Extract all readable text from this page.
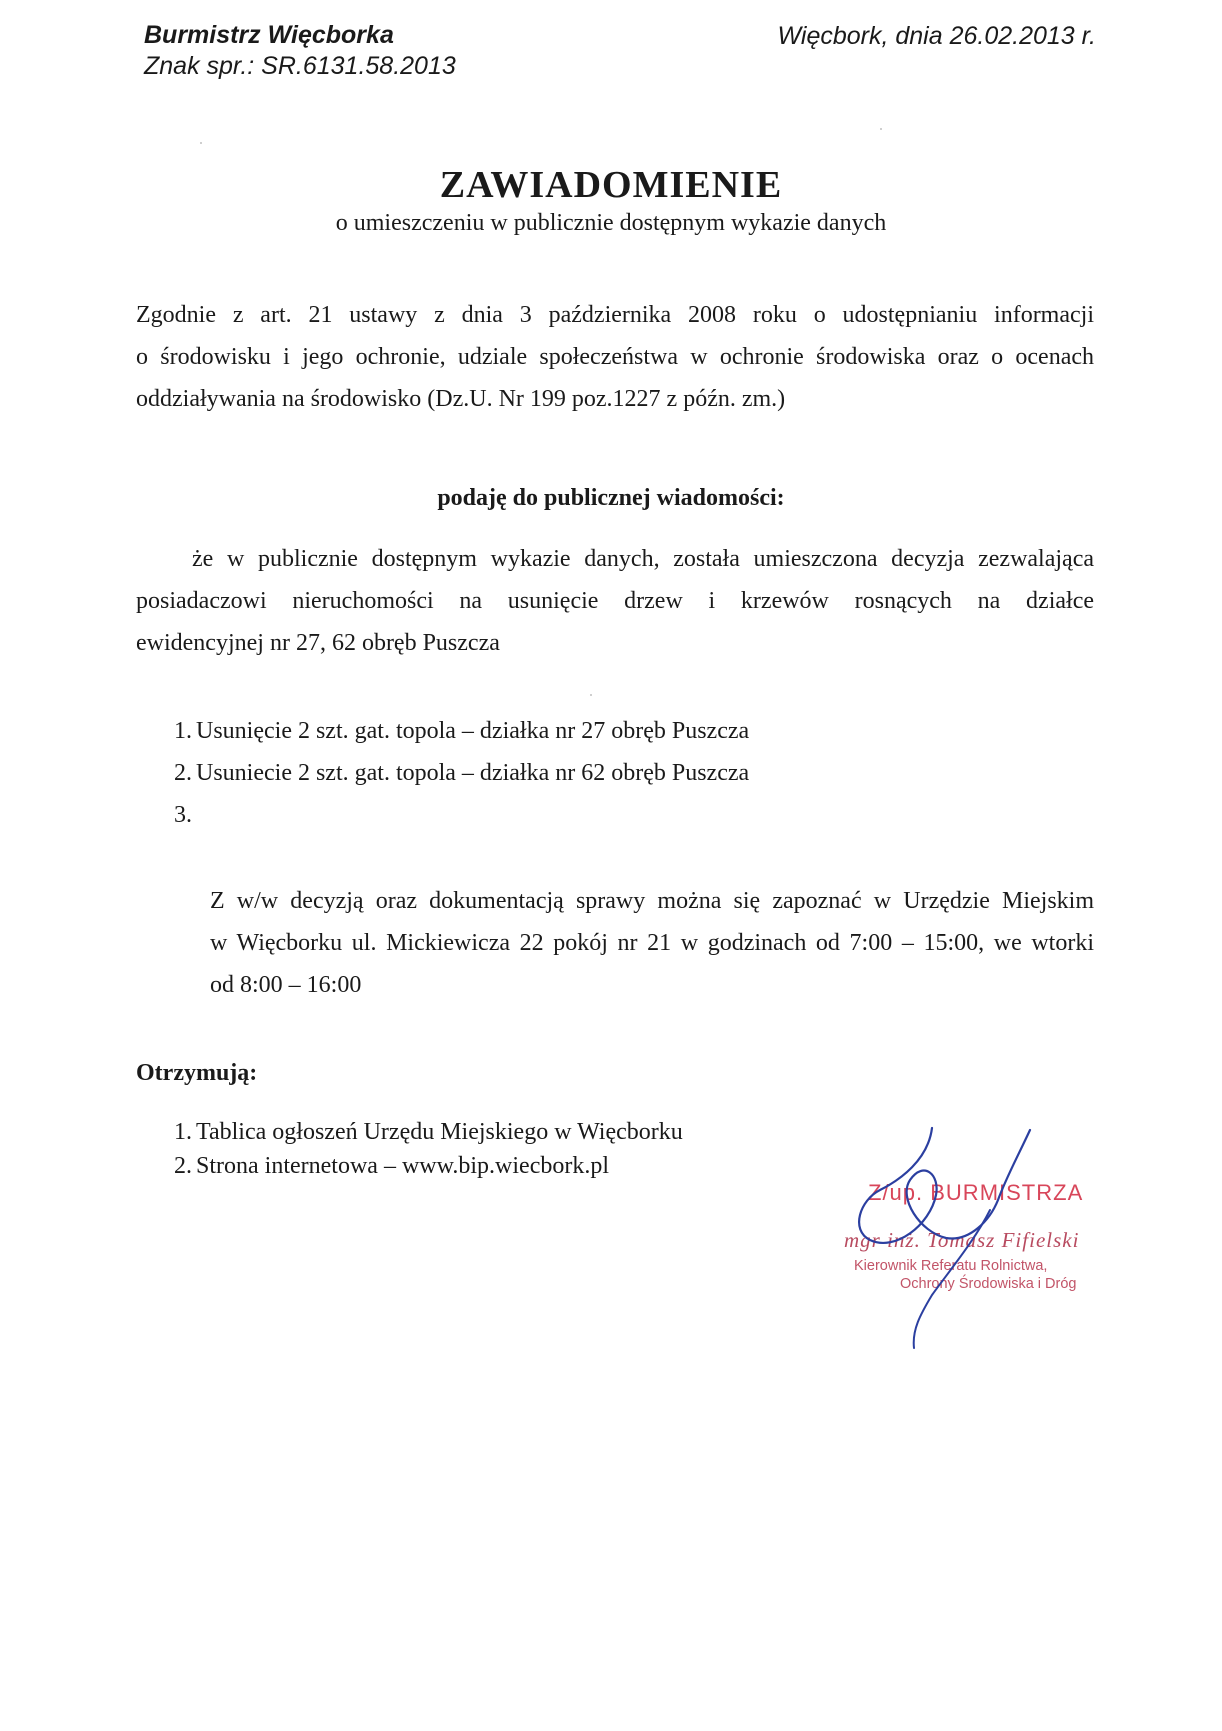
Burmistrz Więcborka
Znak spr.: SR.6131.58.2013
Więcbork, dnia 26.02.2013 r.
ZAWIADOMIENIE
o umieszczeniu w publicznie dostępnym wykazie danych
Zgodnie z art. 21 ustawy z dnia 3 października 2008 roku o udostępnianiu informacji
o środowisku i jego ochronie, udziale społeczeństwa w ochronie środowiska oraz o ocenach
oddziaływania na środowisko (Dz.U. Nr 199 poz.1227 z późn. zm.)
podaję do publicznej wiadomości:
że w publicznie dostępnym wykazie danych, została umieszczona decyzja zezwalająca
posiadaczowi nieruchomości na usunięcie drzew i krzewów rosnących na działce
ewidencyjnej nr 27, 62 obręb Puszcza
1. Usunięcie 2 szt. gat. topola – działka nr 27 obręb Puszcza
2. Usuniecie 2 szt. gat. topola – działka nr 62 obręb Puszcza
3.
Z w/w decyzją oraz dokumentacją sprawy można się zapoznać w Urzędzie Miejskim
w Więcborku ul. Mickiewicza 22 pokój nr 21 w godzinach od 7:00 – 15:00, we wtorki
od 8:00 – 16:00
Otrzymują:
1. Tablica ogłoszeń Urzędu Miejskiego w Więcborku
2. Strona internetowa – www.bip.wiecbork.pl
Z/up. BURMISTRZA
mgr inż. Tomasz Fifielski
Kierownik Referatu Rolnictwa,
Ochrony Środowiska i Dróg
